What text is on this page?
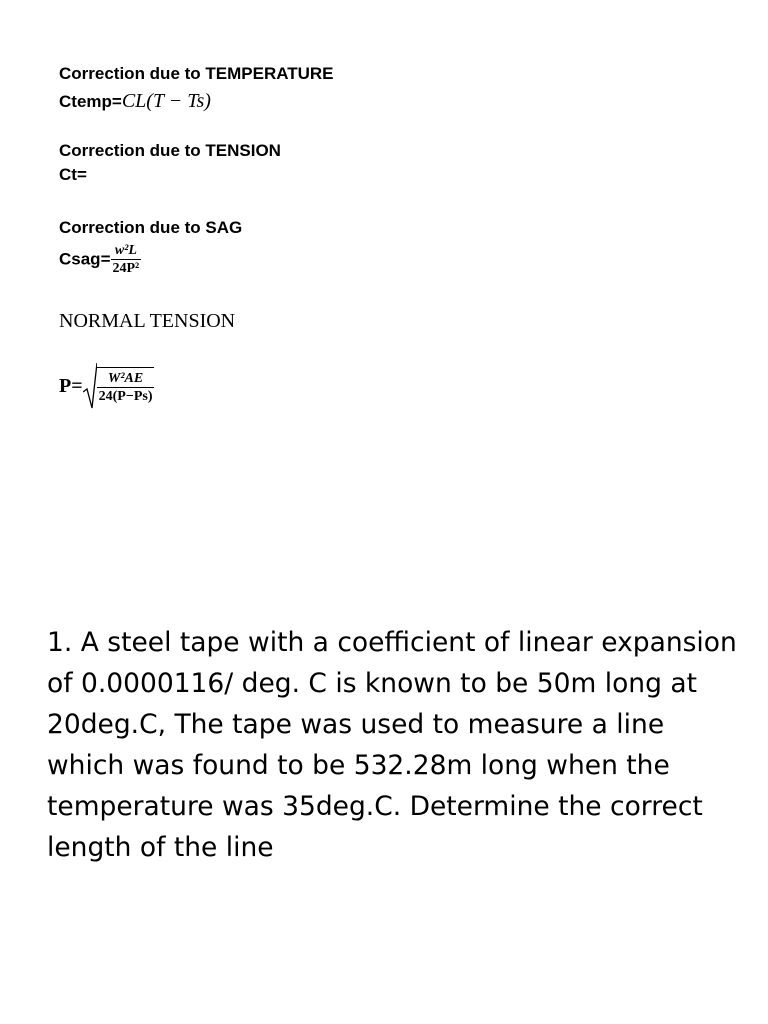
Correction due to TEMPERATURE
Ctemp=CL(T − Ts)
Correction due to TENSION
Ct=
Correction due to SAG
Csag= $\frac{\text{w²L}}{\text{24P²}}$
NORMAL TENSION
$P= \frac{\text{W²AE}}{24(P-Ps)}$
1. A steel tape with a coefficient of linear expansion of 0.0000116/ deg. C is known to be 50m long at 20deg.C, The tape was used to measure a line which was found to be 532.28m long when the temperature was 35deg.C. Determine the correct length of the line
